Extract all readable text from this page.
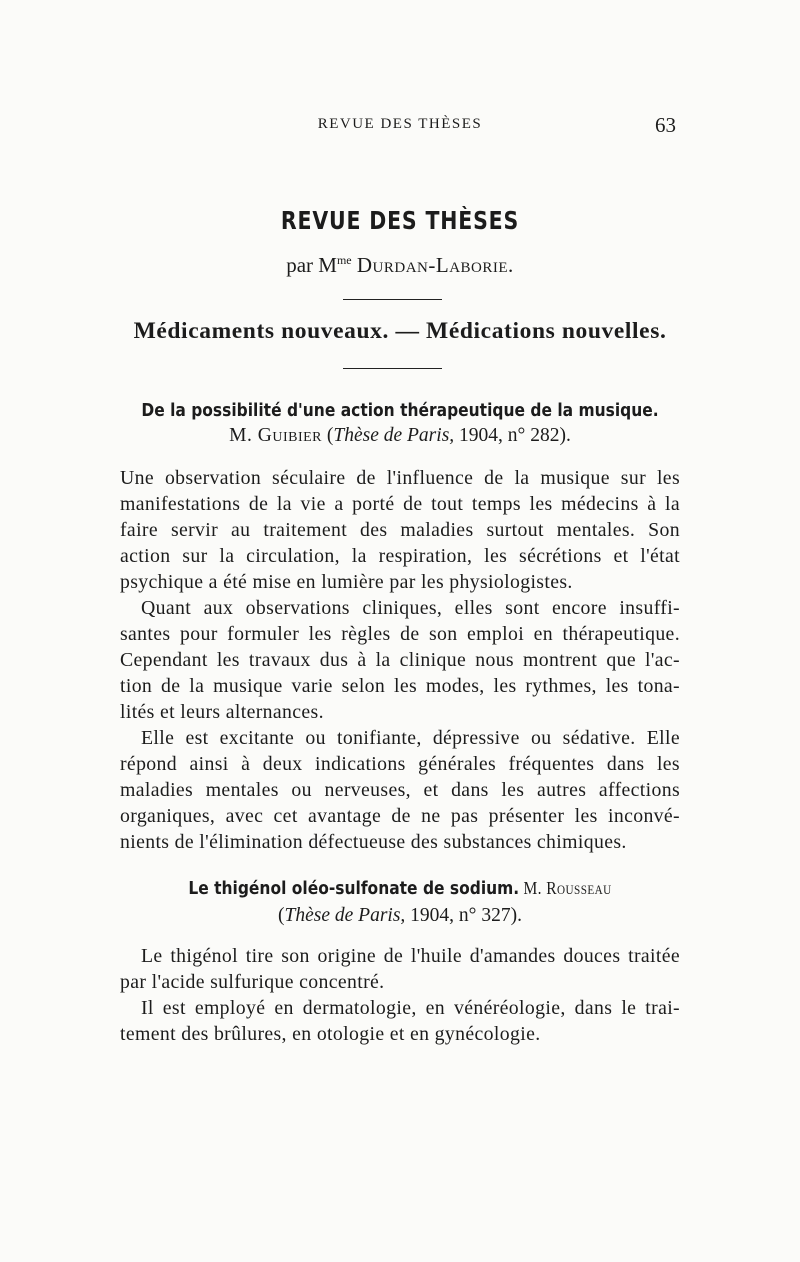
REVUE DES THÈSES	63
REVUE DES THÈSES
par $M^{me}$ Durdan-Laborie.
Médicaments nouveaux. — Médications nouvelles.
De la possibilité d'une action thérapeutique de la musique.
M. Guibier (Thèse de Paris, 1904, n° 282).
Une observation séculaire de l'influence de la musique sur les
manifestations de la vie a porté de tout temps les médecins à la
faire servir au traitement des maladies surtout mentales. Son
action sur la circulation, la respiration, les sécrétions et l'état
psychique a été mise en lumière par les physiologistes.
Quant aux observations cliniques, elles sont encore insuffi-
santes pour formuler les règles de son emploi en thérapeutique.
Cependant les travaux dus à la clinique nous montrent que l'ac-
tion de la musique varie selon les modes, les rythmes, les tona-
lités et leurs alternances.
Elle est excitante ou tonifiante, dépressive ou sédative. Elle
répond ainsi à deux indications générales fréquentes dans les
maladies mentales ou nerveuses, et dans les autres affections
organiques, avec cet avantage de ne pas présenter les inconvé-
nients de l'élimination défectueuse des substances chimiques.
Le thigénol oléo-sulfonate de sodium. M. Rousseau
(Thèse de Paris, 1904, n° 327).
Le thigénol tire son origine de l'huile d'amandes douces traitée
par l'acide sulfurique concentré.
Il est employé en dermatologie, en vénéréologie, dans le trai-
tement des brûlures, en otologie et en gynécologie.
